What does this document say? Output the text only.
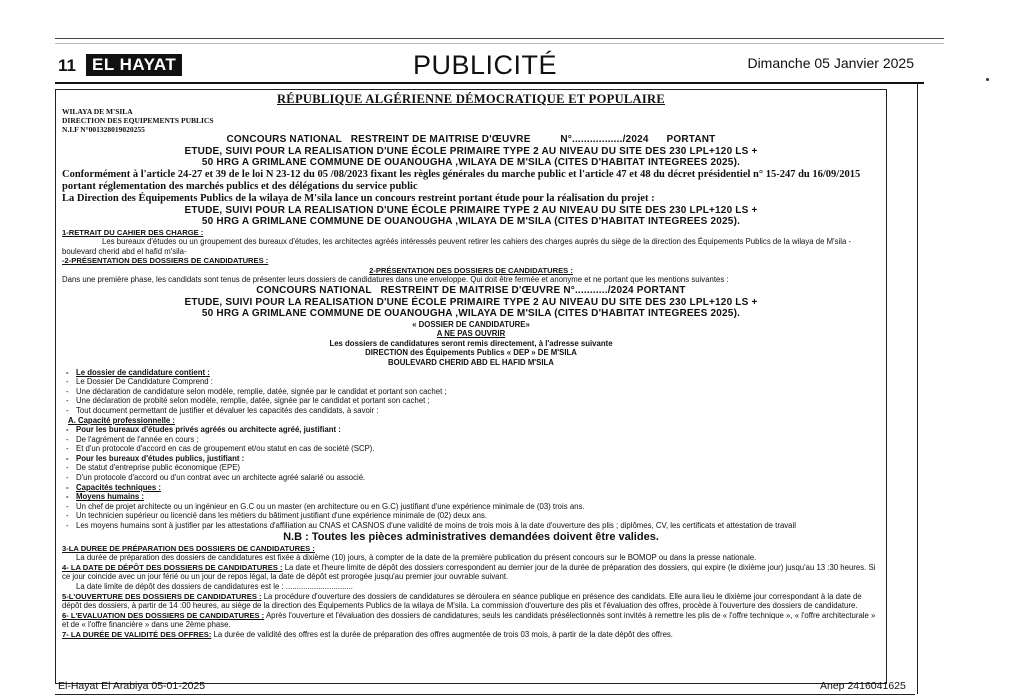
11 EL HAYAT	PUBLICITÉ	Dimanche 05 Janvier 2025

RÉPUBLIQUE ALGÉRIENNE DÉMOCRATIQUE ET POPULAIRE

WILAYA DE M'SILA

DIRECTION DES EQUIPEMENTS PUBLICS

N.I.F N°001328019020255

CONCOURS NATIONAL   RESTREINT DE MAITRISE D'ŒUVRE          N°................./2024      PORTANT

ETUDE, SUIVI POUR LA REALISATION D'UNE ÉCOLE PRIMAIRE TYPE 2 AU NIVEAU DU SITE DES 230 LPL+120 LS +

50 HRG A GRIMLANE COMMUNE DE OUANOUGHA ,WILAYA DE M'SILA (CITES D'HABITAT INTEGREES 2025).

Conformément à l'article 24-27 et 39 de le loi N 23-12 du 05 /08/2023 fixant les règles générales du marche public et l'article 47 et 48 du décret présidentiel n° 15-247 du 16/09/2015 portant réglementation des marchés publics et des délégations du service public

La Direction des Équipements Publics de la wilaya de M'sila lance un concours restreint portant étude pour la réalisation du projet :

ETUDE, SUIVI POUR LA REALISATION D'UNE ÉCOLE PRIMAIRE TYPE 2 AU NIVEAU DU SITE DES 230 LPL+120 LS +

50 HRG A GRIMLANE COMMUNE DE OUANOUGHA ,WILAYA DE M'SILA (CITES D'HABITAT INTEGREES 2025).

1-RETRAIT DU CAHIER DES CHARGE :

Les bureaux d'études ou un groupement des bureaux d'études, les architectes agréés intéressés peuvent retirer les cahiers des charges auprès du siège de la direction des Équipements Publics de la wilaya de M'sila - boulevard cherid abd el hafid m'sila-

-2-PRÉSENTATION DES DOSSIERS DE CANDIDATURES :

2-PRÉSENTATION DES DOSSIERS DE CANDIDATURES :

Dans une première phase, les candidats sont tenus de présenter leurs dossiers de candidatures dans une enveloppe. Qui doit être fermée et anonyme et ne portant que les mentions suivantes :

CONCOURS NATIONAL   RESTREINT DE MAITRISE D'ŒUVRE N°.........../2024 PORTANT

ETUDE, SUIVI POUR LA REALISATION D'UNE ÉCOLE PRIMAIRE TYPE 2 AU NIVEAU DU SITE DES 230 LPL+120 LS +

50 HRG A GRIMLANE COMMUNE DE OUANOUGHA ,WILAYA DE M'SILA (CITES D'HABITAT INTEGREES 2025).

« DOSSIER DE CANDIDATURE»

A NE PAS OUVRIR

Les dossiers de candidatures seront remis directement, à l'adresse suivante

DIRECTION des Équipements Publics « DEP » DE M'SILA

BOULEVARD CHERID ABD EL HAFID M'SILA

- Le dossier de candidature contient :

- Le Dossier De Candidature Comprend :

- Une déclaration de candidature selon modèle, remplie, datée, signée par le candidat et portant son cachet ;

- Une déclaration de probité selon modèle, remplie, datée, signée par le candidat et portant son cachet ;

- Tout document permettant de justifier et dévaluer les capacités des candidats, à savoir :

A. Capacité professionnelle :

- Pour les bureaux d'études privés agréés ou architecte agréé, justifiant :

- De l'agrément de l'année en cours ;

- Et d'un protocole d'accord en cas de groupement et/ou statut en cas de société (SCP).

- Pour les bureaux d'études publics, justifiant :

- De statut d'entreprise public économique (EPE)

- D'un protocole d'accord ou d'un contrat avec un architecte agréé salarié ou associé.

- Capacités techniques :

- Moyens humains :

- Un chef de projet architecte ou un ingénieur en G.C ou un master (en architecture ou en G.C) justifiant d'une expérience minimale de (03) trois ans.

- Un technicien supérieur ou licencié dans les métiers du bâtiment justifiant d'une expérience minimale de (02) deux ans.

- Les moyens humains sont à justifier par les attestations d'affiliation au CNAS et CASNOS d'une validité de moins de trois mois à la date d'ouverture des plis ; diplômes, CV, les certificats et attestation de travail

N.B : Toutes les pièces administratives demandées doivent être valides.

3-LA DUREE DE PRÉPARATION DES DOSSIERS DE CANDIDATURES :

La durée de préparation des dossiers de candidatures est fixée à dixième (10) jours, à compter de la date de la première publication du présent concours sur le BOMOP ou dans la presse nationale.

4- LA DATE DE DÉPÔT DES DOSSIERS DE CANDIDATURES : La date et l'heure limite de dépôt des dossiers correspondent au dernier jour de la durée de préparation des dossiers, qui expire (le dixième jour) jusqu'au 13 :30 heures. Si ce jour coincide avec un jour férié ou un jour de repos légal, la date de dépôt est prorogée jusqu'au premier jour ouvrable suivant.

La date limite de dépôt des dossiers de candidatures est le : ...............................

5-L'OUVERTURE DES DOSSIERS DE CANDIDATURES : La procédure d'ouverture des dossiers de candidatures se déroulera en séance publique en présence des candidats. Elle aura lieu le dixième jour correspondant à la date de dépôt des dossiers, à partir de 14 :00 heures, au siège de la direction des Équipements Publics de la wilaya de M'sila. La commission d'ouverture des plis et l'évaluation des offres, procède à l'ouverture des dossiers de candidature.

6- L'EVALUATION DES DOSSIERS DE CANDIDATURES : Après l'ouverture et l'évaluation des dossiers de candidatures, seuls les candidats présélectionnés sont invités à remettre les plis de « l'offre technique », « l'offre architecturale » et de « l'offre financière » dans une 2ème phase.

7- LA DURÉE DE VALIDITÉ DES OFFRES: La durée de validité des offres est la durée de préparation des offres augmentée de trois 03 mois, à partir de la date dépôt des offres.

El-Hayat El Arabiya 05-01-2025	Anep 2416041625
